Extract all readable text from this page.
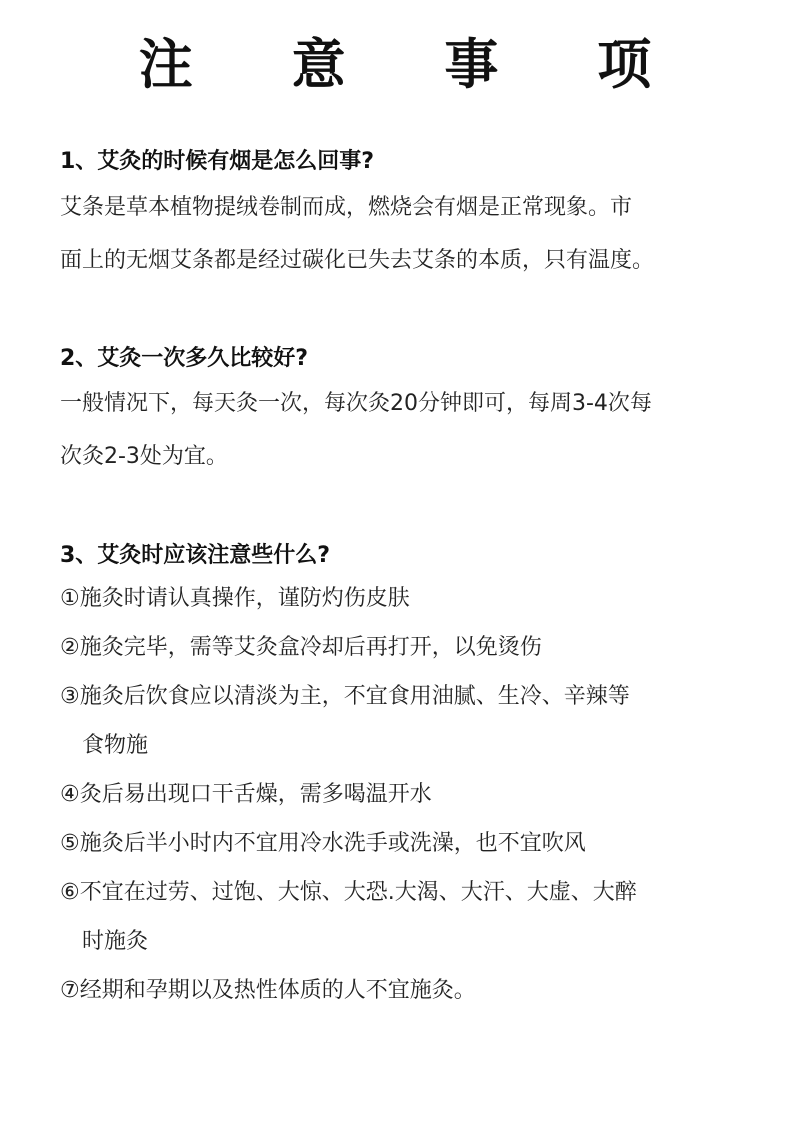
注 意 事 项

1、艾灸的时候有烟是怎么回事?

艾条是草本植物提绒卷制而成，燃烧会有烟是正常现象。市
面上的无烟艾条都是经过碳化已失去艾条的本质，只有温度。

2、艾灸一次多久比较好?

一般情况下，每天灸一次，每次灸20分钟即可，每周3-4次每
次灸2-3处为宜。

3、艾灸时应该注意些什么?

①施灸时请认真操作，谨防灼伤皮肤
②施灸完毕，需等艾灸盒冷却后再打开，以免烫伤
③施灸后饮食应以清淡为主，不宜食用油腻、生冷、辛辣等
食物施
④灸后易出现口干舌燥，需多喝温开水
⑤施灸后半小时内不宜用冷水洗手或洗澡，也不宜吹风
⑥不宜在过劳、过饱、大惊、大恐.大渴、大汗、大虚、大醉
时施灸
⑦经期和孕期以及热性体质的人不宜施灸。
